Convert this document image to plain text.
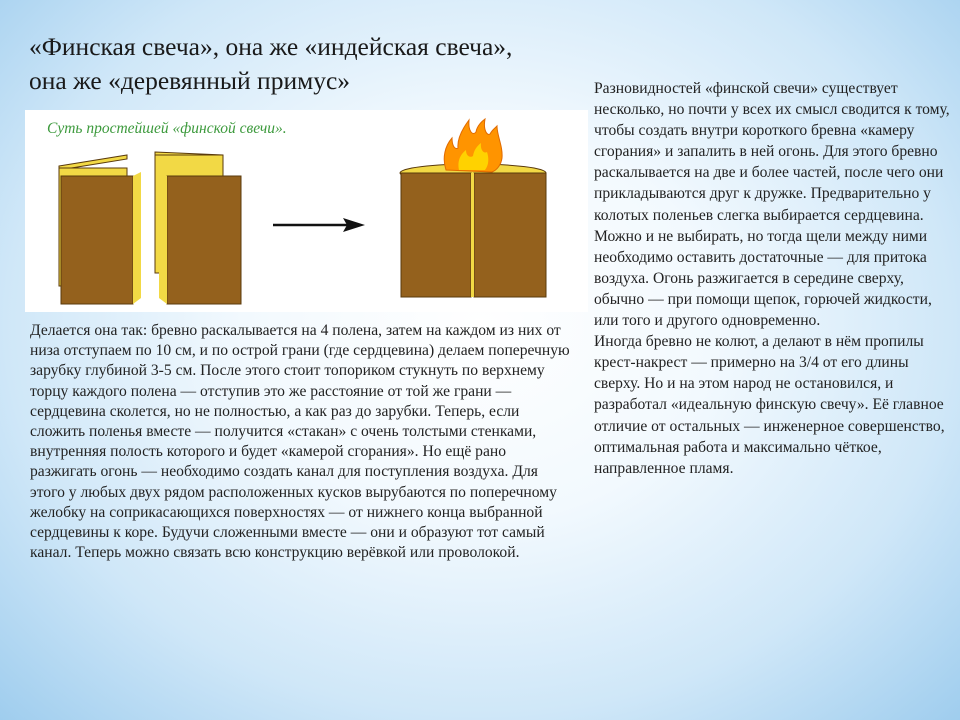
«Финская свеча», она же «индейская свеча»,
она же «деревянный примус»
Суть простейшей «финской свечи».

Делается она так: бревно раскалывается на 4 полена, затем на каждом из них от низа отступаем по 10 см, и по острой грани (где сердцевина) делаем поперечную зарубку глубиной 3-5 см. После этого стоит топориком стукнуть по верхнему торцу каждого полена — отступив это же расстояние от той же грани — сердцевина сколется, но не полностью, а как раз до зарубки. Теперь, если сложить поленья вместе — получится «стакан» с очень толстыми стенками, внутренняя полость которого и будет «камерой сгорания». Но ещё рано разжигать огонь — необходимо создать канал для поступления воздуха. Для этого у любых двух рядом расположенных кусков вырубаются по поперечному желобку на соприкасающихся поверхностях — от нижнего конца выбранной сердцевины к коре. Будучи сложенными вместе — они и образуют тот самый канал. Теперь можно связать всю конструкцию верёвкой или проволокой.

Разновидностей «финской свечи» существует несколько, но почти у всех их смысл сводится к тому, чтобы создать внутри короткого бревна «камеру сгорания» и запалить в ней огонь. Для этого бревно раскалывается на две и более частей, после чего они прикладываются друг к дружке. Предварительно у колотых поленьев слегка выбирается сердцевина. Можно и не выбирать, но тогда щели между ними необходимо оставить достаточные — для притока воздуха. Огонь разжигается в середине сверху, обычно — при помощи щепок, горючей жидкости, или того и другого одновременно.

Иногда бревно не колют, а делают в нём пропилы крест-накрест — примерно на 3/4 от его длины сверху. Но и на этом народ не остановился, и разработал «идеальную финскую свечу». Её главное отличие от остальных — инженерное совершенство, оптимальная работа и максимально чёткое, направленное пламя.
